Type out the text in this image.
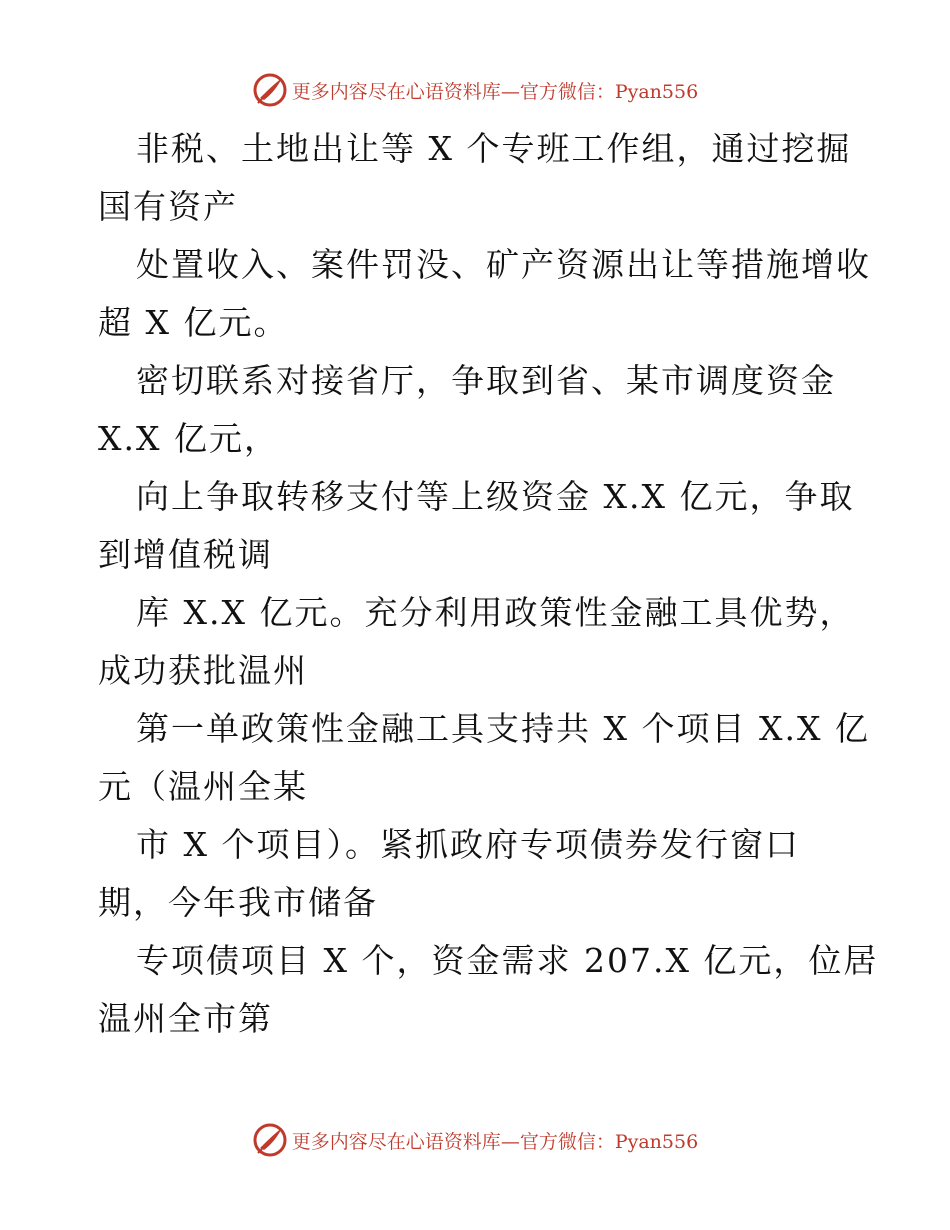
更多内容尽在心语资料库—官方微信：Pyan556
非税、土地出让等 X 个专班工作组，通过挖掘
国有资产
处置收入、案件罚没、矿产资源出让等措施增收
超 X 亿元。
密切联系对接省厅，争取到省、某市调度资金
X.X 亿元，
向上争取转移支付等上级资金 X.X 亿元，争取
到增值税调
库 X.X 亿元。充分利用政策性金融工具优势，
成功获批温州
第一单政策性金融工具支持共 X 个项目 X.X 亿
元（温州全某
市 X 个项目）。紧抓政府专项债券发行窗口
期，今年我市储备
专项债项目 X 个，资金需求 207.X 亿元，位居
温州全市第
更多内容尽在心语资料库—官方微信：Pyan556
